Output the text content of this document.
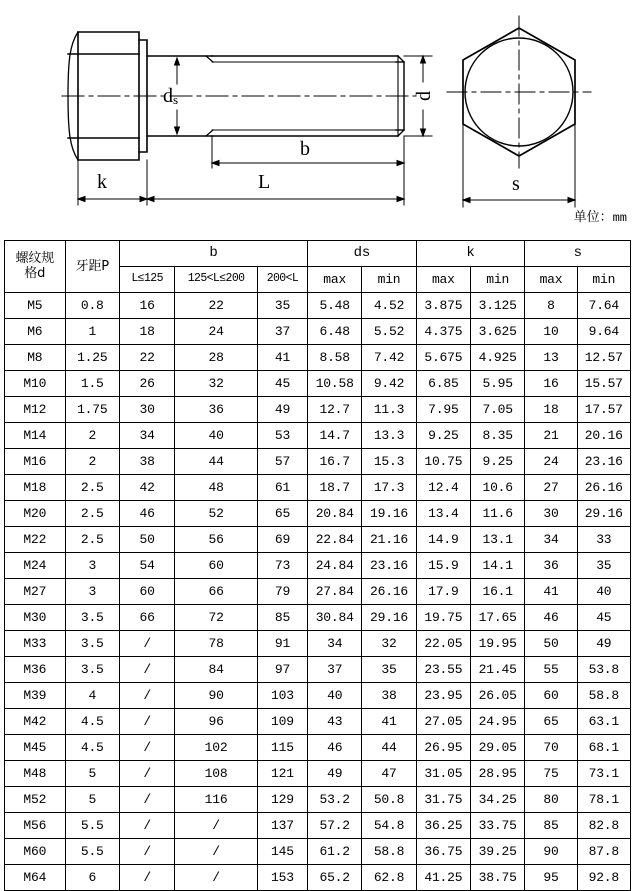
ds	d
b
L
k	s
单位：mm
螺纹规
格d	牙距P	b			ds		k		s	
		L≤125	125<L≤200	200<L	max	min	max	min	max	min
M5	0.8	16	22	35	5.48	4.52	3.875	3.125	8	7.64
M6	1	18	24	37	6.48	5.52	4.375	3.625	10	9.64
M8	1.25	22	28	41	8.58	7.42	5.675	4.925	13	12.57
M10	1.5	26	32	45	10.58	9.42	6.85	5.95	16	15.57
M12	1.75	30	36	49	12.7	11.3	7.95	7.05	18	17.57
M14	2	34	40	53	14.7	13.3	9.25	8.35	21	20.16
M16	2	38	44	57	16.7	15.3	10.75	9.25	24	23.16
M18	2.5	42	48	61	18.7	17.3	12.4	10.6	27	26.16
M20	2.5	46	52	65	20.84	19.16	13.4	11.6	30	29.16
M22	2.5	50	56	69	22.84	21.16	14.9	13.1	34	33
M24	3	54	60	73	24.84	23.16	15.9	14.1	36	35
M27	3	60	66	79	27.84	26.16	17.9	16.1	41	40
M30	3.5	66	72	85	30.84	29.16	19.75	17.65	46	45
M33	3.5	/	78	91	34	32	22.05	19.95	50	49
M36	3.5	/	84	97	37	35	23.55	21.45	55	53.8
M39	4	/	90	103	40	38	23.95	26.05	60	58.8
M42	4.5	/	96	109	43	41	27.05	24.95	65	63.1
M45	4.5	/	102	115	46	44	26.95	29.05	70	68.1
M48	5	/	108	121	49	47	31.05	28.95	75	73.1
M52	5	/	116	129	53.2	50.8	31.75	34.25	80	78.1
M56	5.5	/	/	137	57.2	54.8	36.25	33.75	85	82.8
M60	5.5	/	/	145	61.2	58.8	36.75	39.25	90	87.8
M64	6	/	/	153	65.2	62.8	41.25	38.75	95	92.8
